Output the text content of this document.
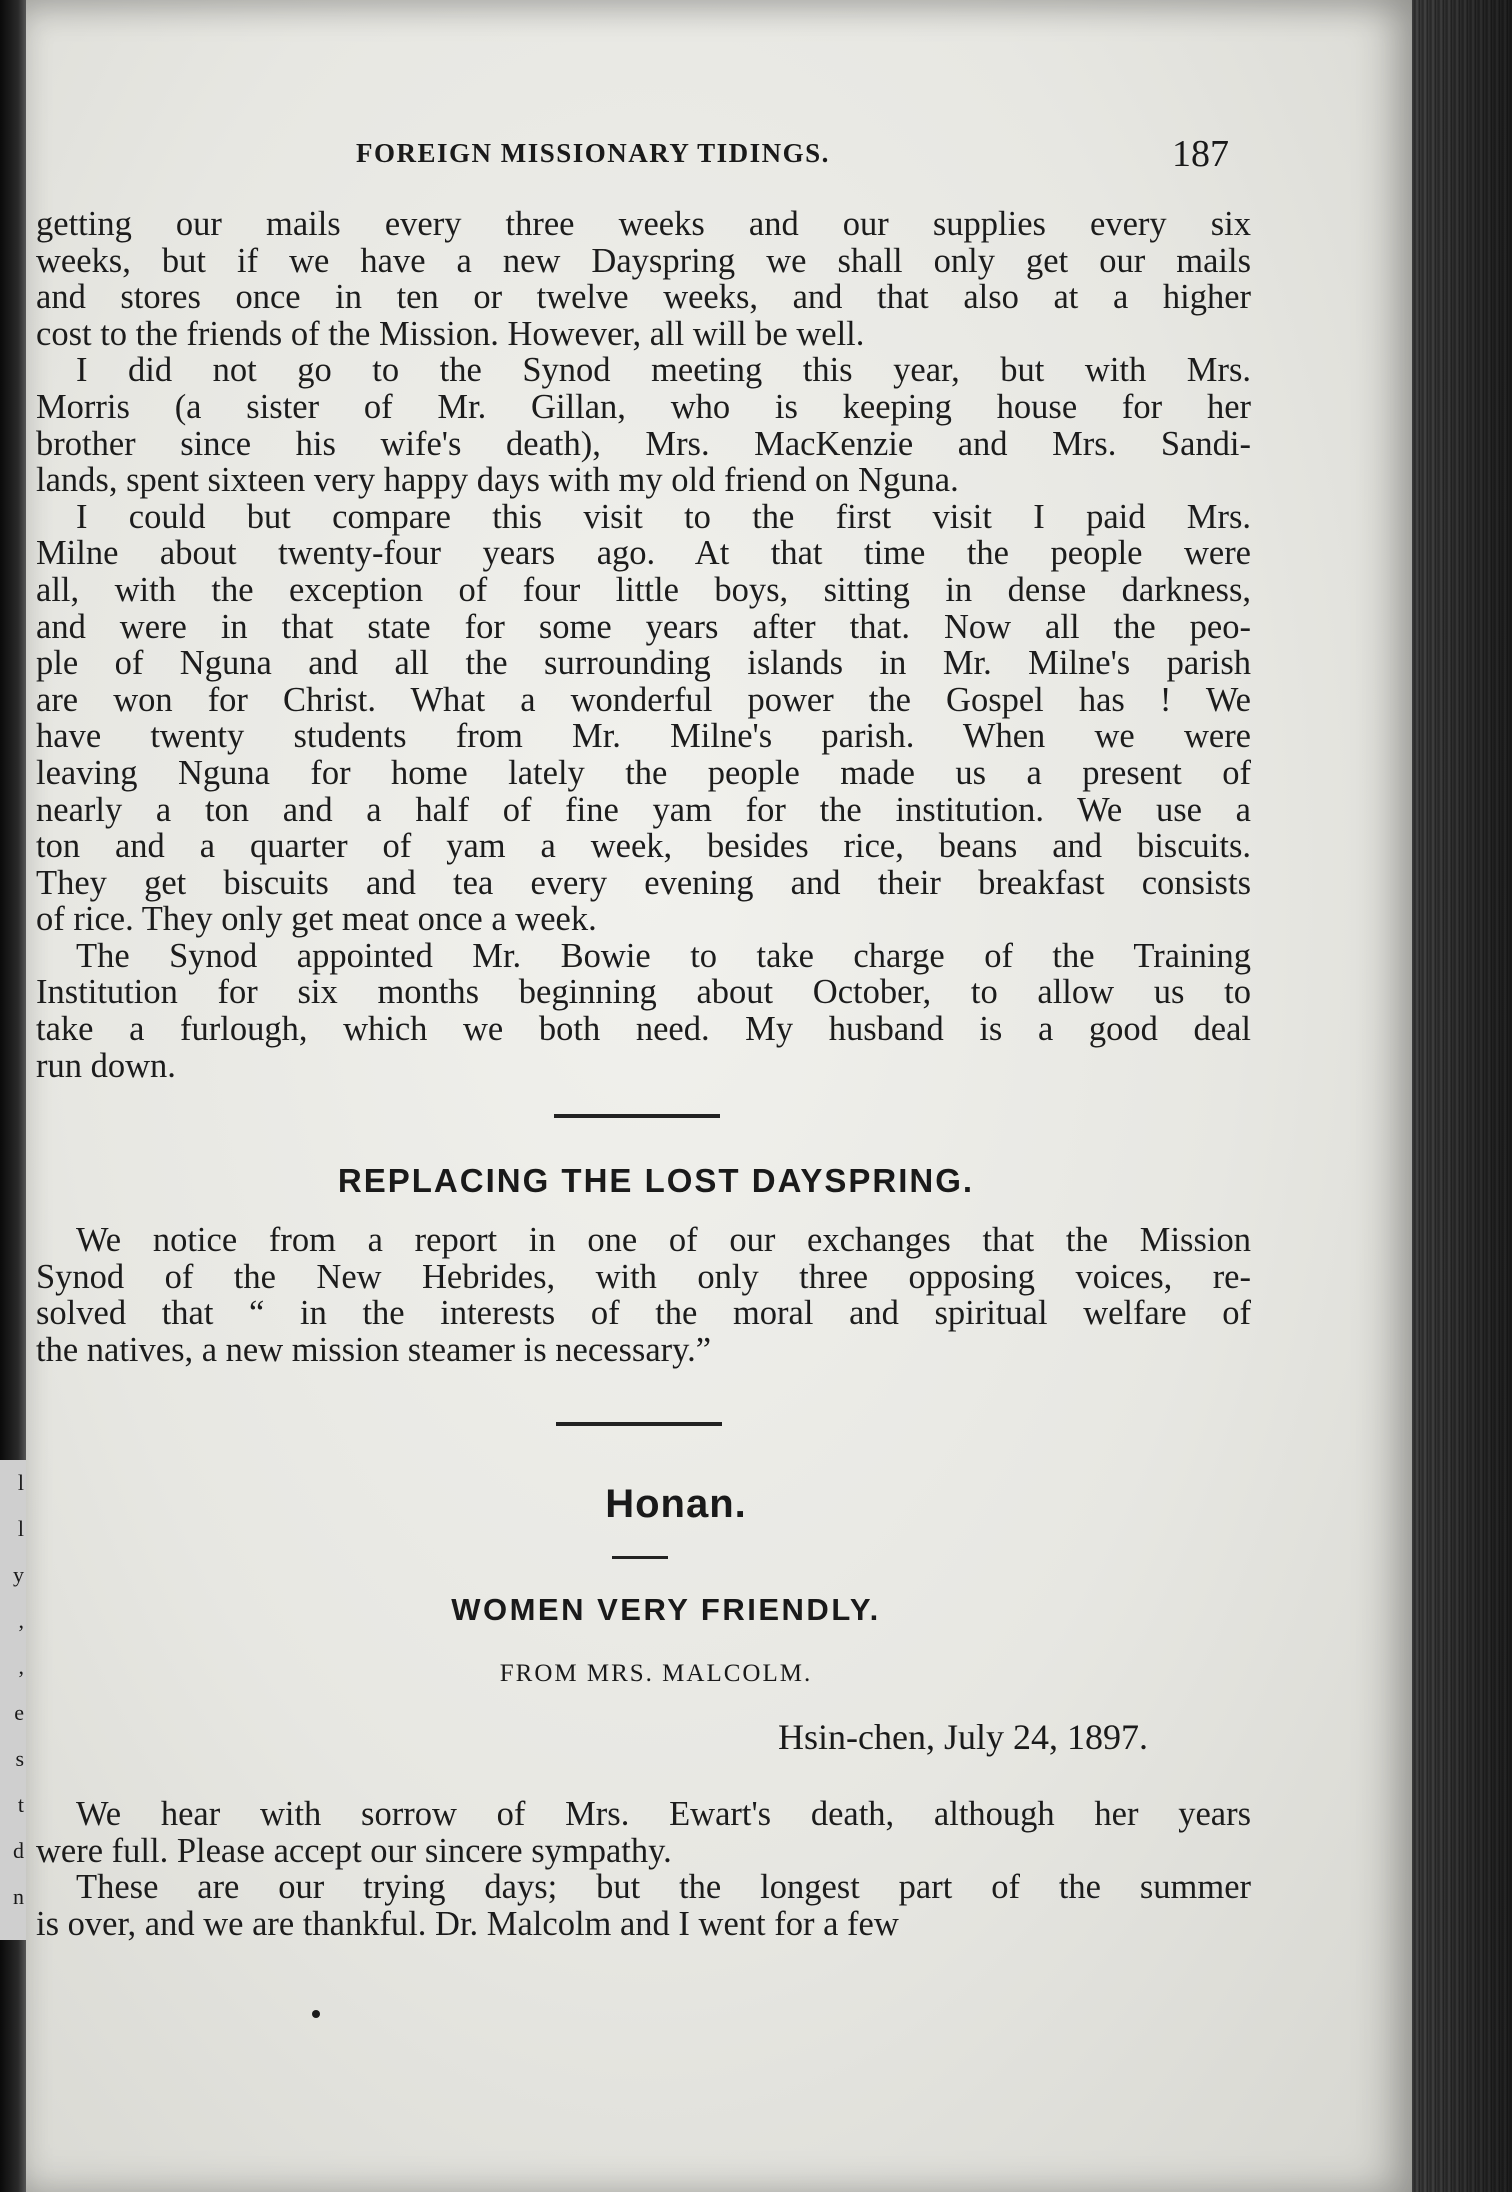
l
l
y
,
,
e
s
t
d
n
FOREIGN MISSIONARY TIDINGS.	187
getting our mails every three weeks and our supplies every six
weeks, but if we have a new Dayspring we shall only get our mails
and stores once in ten or twelve weeks, and that also at a higher
cost to the friends of the Mission. However, all will be well.
I did not go to the Synod meeting this year, but with Mrs.
Morris (a sister of Mr. Gillan, who is keeping house for her
brother since his wife's death), Mrs. MacKenzie and Mrs. Sandi-
lands, spent sixteen very happy days with my old friend on Nguna.
I could but compare this visit to the first visit I paid Mrs.
Milne about twenty-four years ago. At that time the people were
all, with the exception of four little boys, sitting in dense darkness,
and were in that state for some years after that. Now all the peo-
ple of Nguna and all the surrounding islands in Mr. Milne's parish
are won for Christ. What a wonderful power the Gospel has ! We
have twenty students from Mr. Milne's parish. When we were
leaving Nguna for home lately the people made us a present of
nearly a ton and a half of fine yam for the institution. We use a
ton and a quarter of yam a week, besides rice, beans and biscuits.
They get biscuits and tea every evening and their breakfast consists
of rice. They only get meat once a week.
The Synod appointed Mr. Bowie to take charge of the Training
Institution for six months beginning about October, to allow us to
take a furlough, which we both need. My husband is a good deal
run down.
REPLACING THE LOST DAYSPRING.
We notice from a report in one of our exchanges that the Mission
Synod of the New Hebrides, with only three opposing voices, re-
solved that “ in the interests of the moral and spiritual welfare of
the natives, a new mission steamer is necessary.”
Honan.
WOMEN VERY FRIENDLY.
FROM MRS. MALCOLM.
Hsin-chen, July 24, 1897.
We hear with sorrow of Mrs. Ewart's death, although her years
were full. Please accept our sincere sympathy.
These are our trying days; but the longest part of the summer
is over, and we are thankful. Dr. Malcolm and I went for a few
